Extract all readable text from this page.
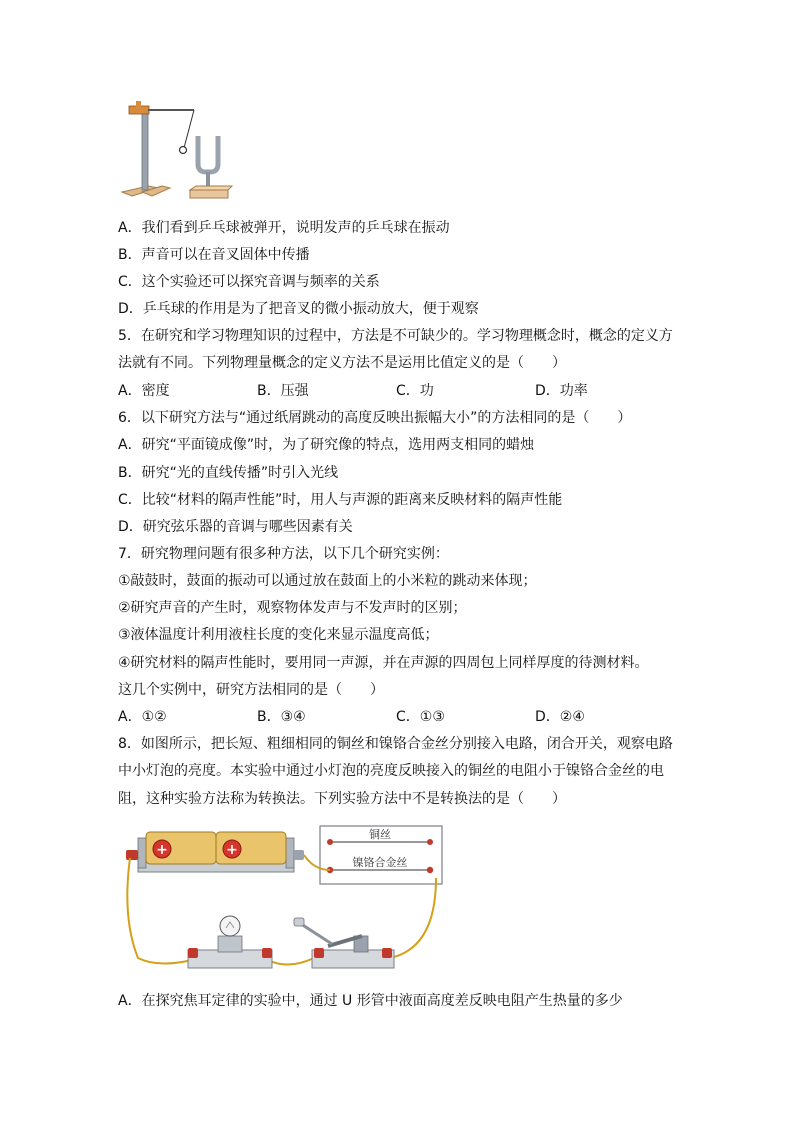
A．我们看到乒乓球被弹开，说明发声的乒乓球在振动
B．声音可以在音叉固体中传播
C．这个实验还可以探究音调与频率的关系
D．乒乓球的作用是为了把音叉的微小振动放大，便于观察
5．在研究和学习物理知识的过程中，方法是不可缺少的。学习物理概念时，概念的定义方
法就有不同。下列物理量概念的定义方法不是运用比值定义的是（　　）
A．密度	B．压强	C．功	D．功率
6．以下研究方法与“通过纸屑跳动的高度反映出振幅大小”的方法相同的是（　　）
A．研究“平面镜成像”时，为了研究像的特点，选用两支相同的蜡烛
B．研究“光的直线传播”时引入光线
C．比较“材料的隔声性能”时，用人与声源的距离来反映材料的隔声性能
D．研究弦乐器的音调与哪些因素有关
7．研究物理问题有很多种方法，以下几个研究实例：
①敲鼓时，鼓面的振动可以通过放在鼓面上的小米粒的跳动来体现；
②研究声音的产生时，观察物体发声与不发声时的区别；
③液体温度计利用液柱长度的变化来显示温度高低；
④研究材料的隔声性能时，要用同一声源，并在声源的四周包上同样厚度的待测材料。
这几个实例中，研究方法相同的是（　　）
A．①②	B．③④	C．①③	D．②④
8．如图所示，把长短、粗细相同的铜丝和镍铬合金丝分别接入电路，闭合开关，观察电路
中小灯泡的亮度。本实验中通过小灯泡的亮度反映接入的铜丝的电阻小于镍铬合金丝的电
阻，这种实验方法称为转换法。下列实验方法中不是转换法的是（　　）
+	+
铜丝
镍铬合金丝
A．在探究焦耳定律的实验中，通过 U 形管中液面高度差反映电阻产生热量的多少
